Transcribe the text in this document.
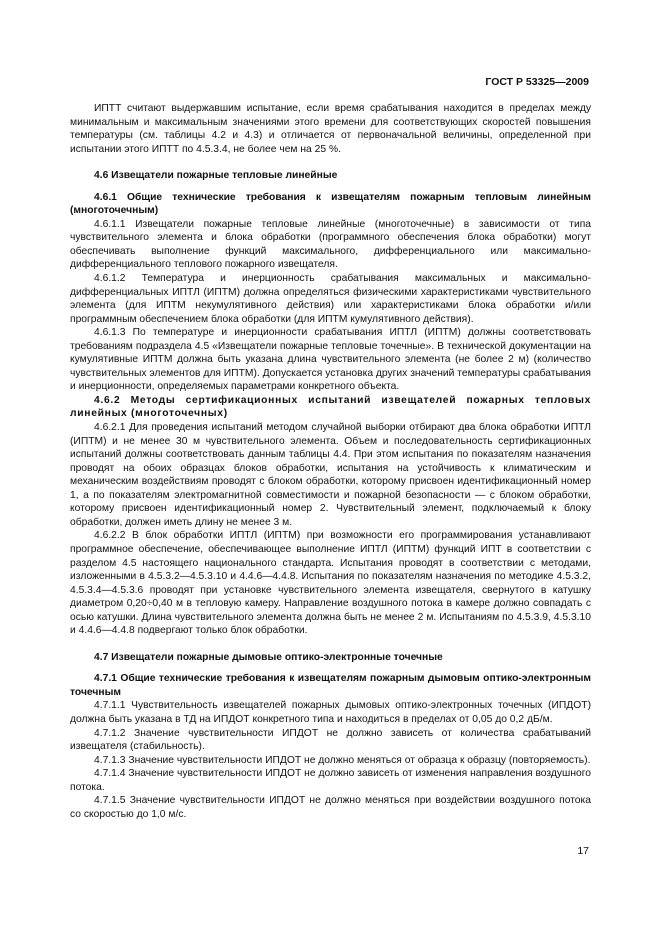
ГОСТ Р 53325—2009

ИПТТ считают выдержавшим испытание, если время срабатывания находится в пределах между минимальным и максимальным значениями этого времени для соответствующих скоростей повышения температуры (см. таблицы 4.2 и 4.3) и отличается от первоначальной величины, определенной при испытании этого ИПТТ по 4.5.3.4, не более чем на 25 %.

4.6 Извещатели пожарные тепловые линейные

4.6.1 Общие технические требования к извещателям пожарным тепловым линейным (многоточечным)

4.6.1.1 Извещатели пожарные тепловые линейные (многоточечные) в зависимости от типа чувствительного элемента и блока обработки (программного обеспечения блока обработки) могут обеспечивать выполнение функций максимального, дифференциального или максимально-дифференциального теплового пожарного извещателя.

4.6.1.2 Температура и инерционность срабатывания максимальных и максимально-дифференциальных ИПТЛ (ИПТМ) должна определяться физическими характеристиками чувствительного элемента (для ИПТМ некумулятивного действия) или характеристиками блока обработки и/или программным обеспечением блока обработки (для ИПТМ кумулятивного действия).

4.6.1.3 По температуре и инерционности срабатывания ИПТЛ (ИПТМ) должны соответствовать требованиям подраздела 4.5 «Извещатели пожарные тепловые точечные». В технической документации на кумулятивные ИПТМ должна быть указана длина чувствительного элемента (не более 2 м) (количество чувствительных элементов для ИПТМ). Допускается установка других значений температуры срабатывания и инерционности, определяемых параметрами конкретного объекта.

4.6.2 Методы сертификационных испытаний извещателей пожарных тепловых линейных (многоточечных)

4.6.2.1 Для проведения испытаний методом случайной выборки отбирают два блока обработки ИПТЛ (ИПТМ) и не менее 30 м чувствительного элемента. Объем и последовательность сертификационных испытаний должны соответствовать данным таблицы 4.4. При этом испытания по показателям назначения проводят на обоих образцах блоков обработки, испытания на устойчивость к климатическим и механическим воздействиям проводят с блоком обработки, которому присвоен идентификационный номер 1, а по показателям электромагнитной совместимости и пожарной безопасности — с блоком обработки, которому присвоен идентификационный номер 2. Чувствительный элемент, подключаемый к блоку обработки, должен иметь длину не менее 3 м.

4.6.2.2 В блок обработки ИПТЛ (ИПТМ) при возможности его программирования устанавливают программное обеспечение, обеспечивающее выполнение ИПТЛ (ИПТМ) функций ИПТ в соответствии с разделом 4.5 настоящего национального стандарта. Испытания проводят в соответствии с методами, изложенными в 4.5.3.2—4.5.3.10 и 4.4.6—4.4.8. Испытания по показателям назначения по методике 4.5.3.2, 4.5.3.4—4.5.3.6 проводят при установке чувствительного элемента извещателя, свернутого в катушку диаметром 0,20÷0,40 м в тепловую камеру. Направление воздушного потока в камере должно совпадать с осью катушки. Длина чувствительного элемента должна быть не менее 2 м. Испытаниям по 4.5.3.9, 4.5.3.10 и 4.4.6—4.4.8 подвергают только блок обработки.

4.7 Извещатели пожарные дымовые оптико-электронные точечные

4.7.1 Общие технические требования к извещателям пожарным дымовым оптико-электронным точечным

4.7.1.1 Чувствительность извещателей пожарных дымовых оптико-электронных точечных (ИПДОТ) должна быть указана в ТД на ИПДОТ конкретного типа и находиться в пределах от 0,05 до 0,2 дБ/м.

4.7.1.2 Значение чувствительности ИПДОТ не должно зависеть от количества срабатываний извещателя (стабильность).

4.7.1.3 Значение чувствительности ИПДОТ не должно меняться от образца к образцу (повторяемость).

4.7.1.4 Значение чувствительности ИПДОТ не должно зависеть от изменения направления воздушного потока.

4.7.1.5 Значение чувствительности ИПДОТ не должно меняться при воздействии воздушного потока со скоростью до 1,0 м/с.

17
